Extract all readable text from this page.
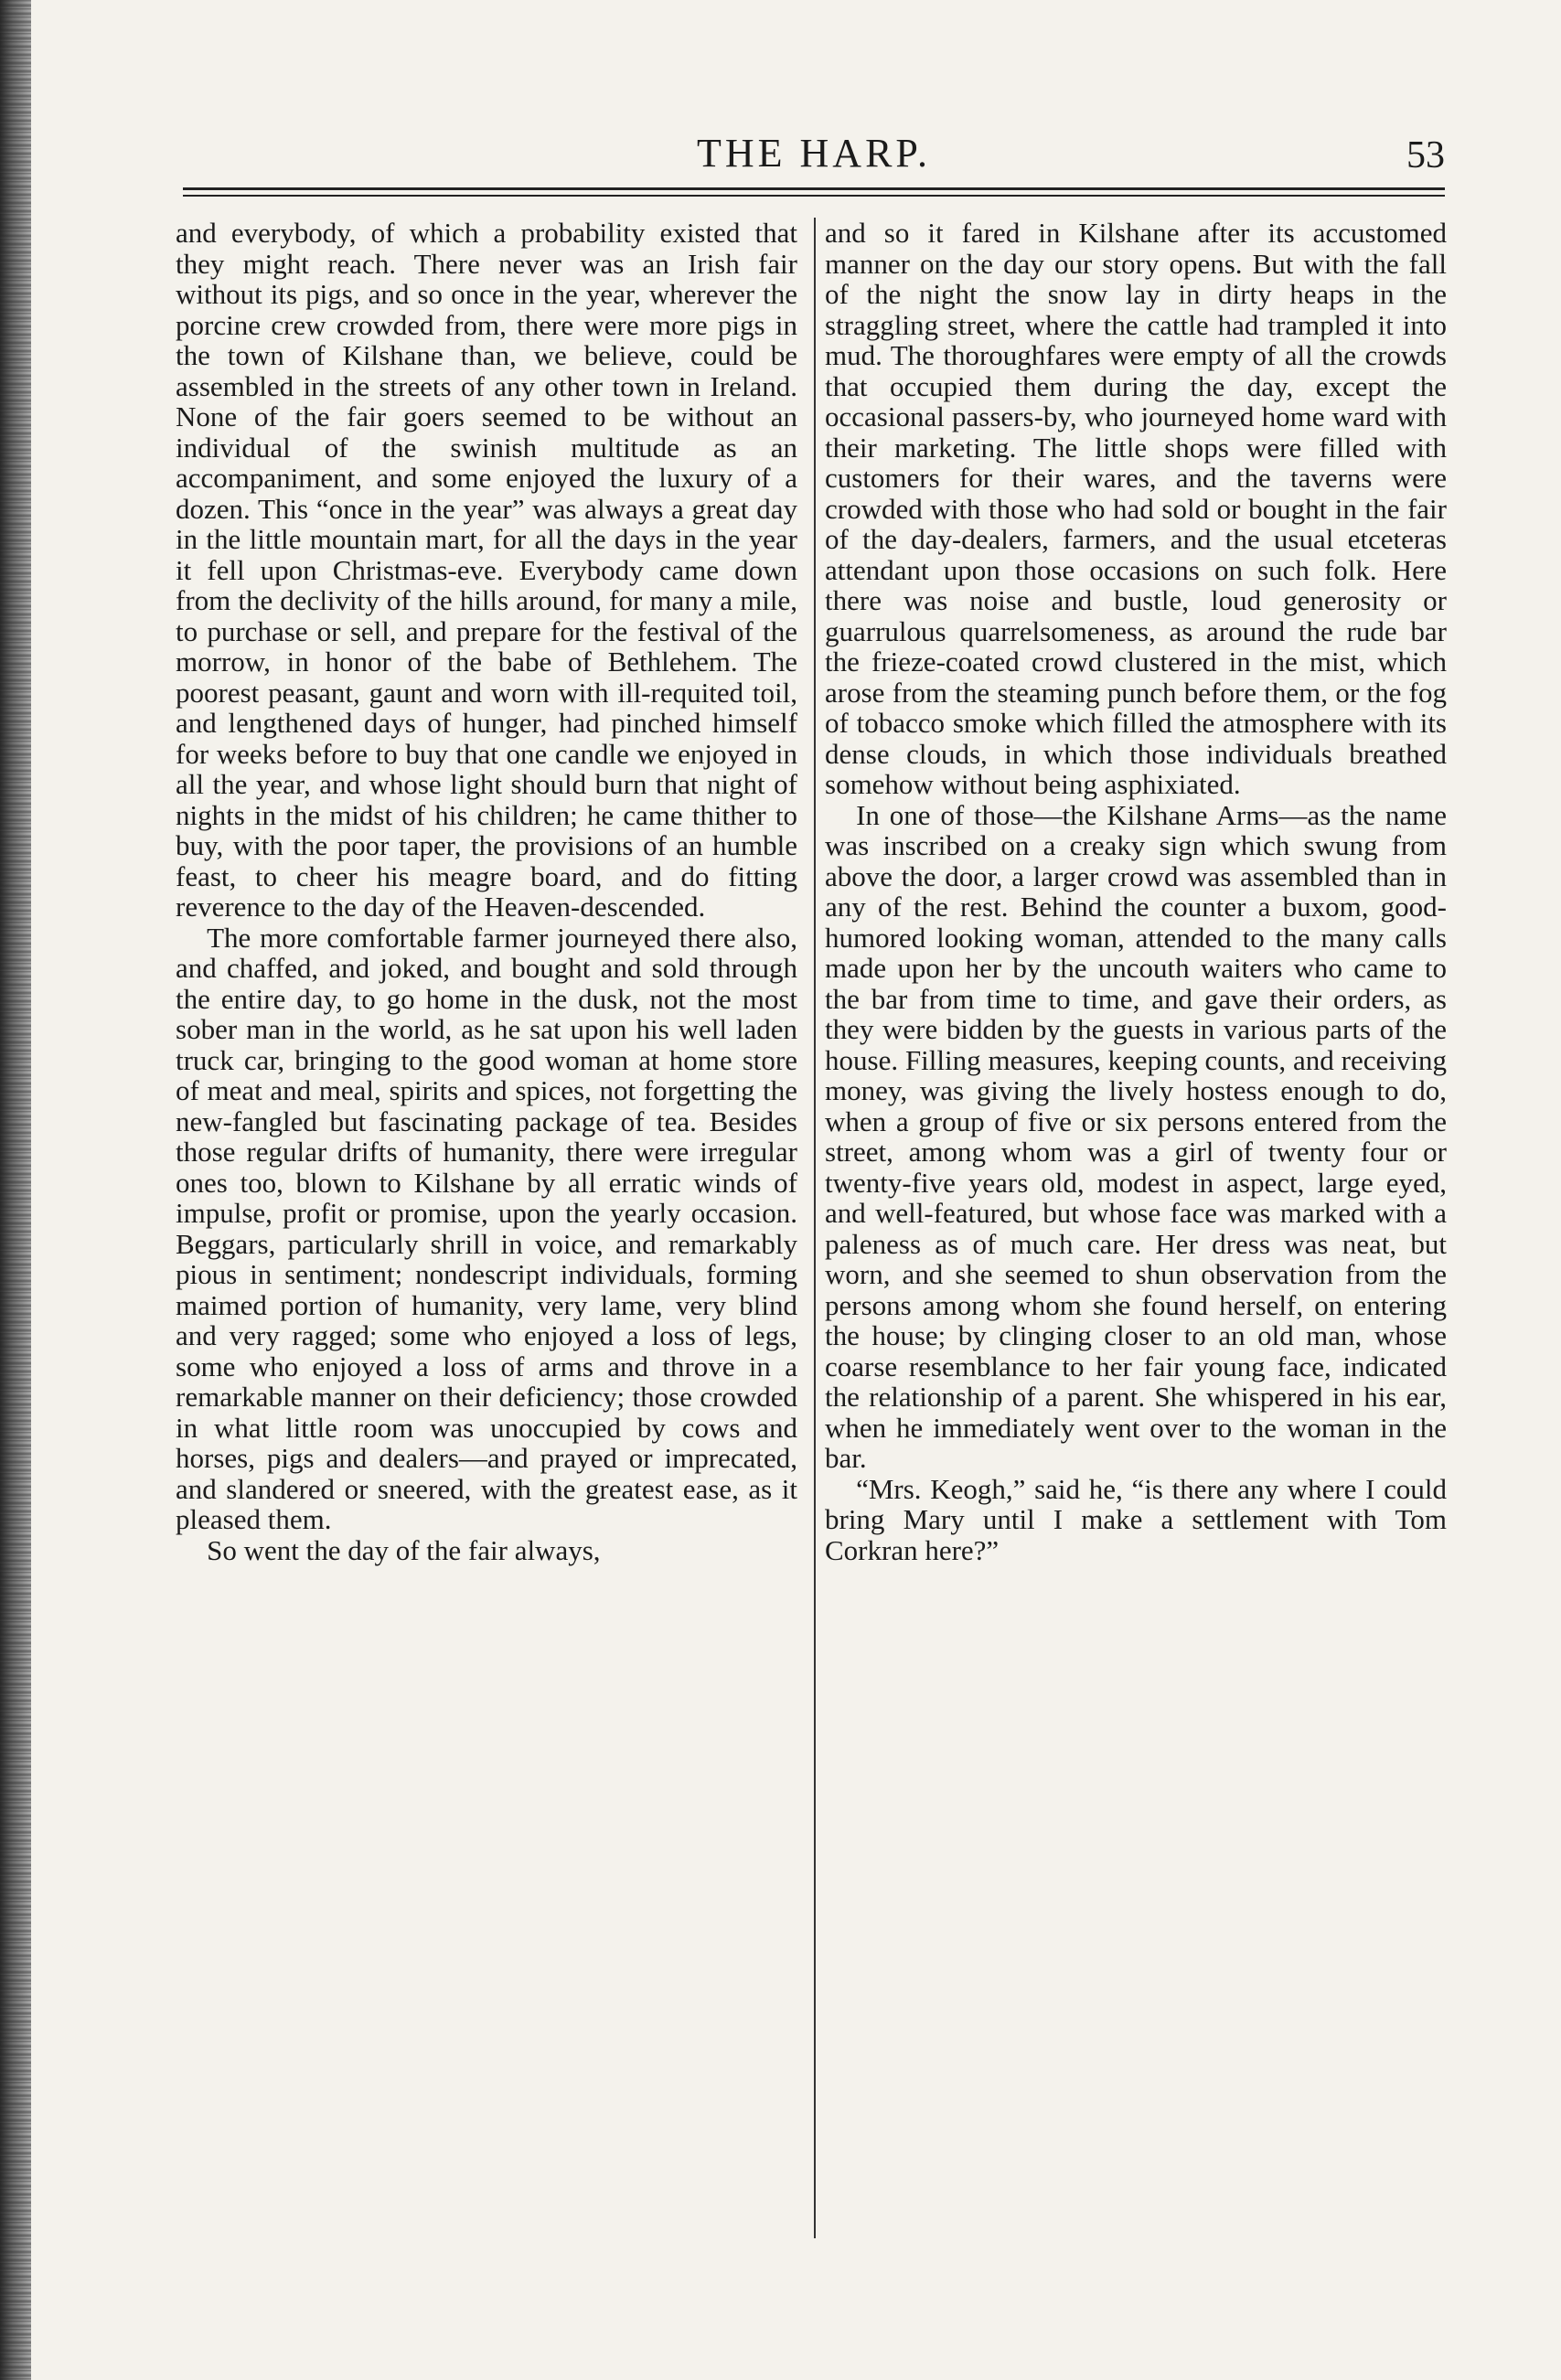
THE HARP.	53

and everybody, of which a probability existed that they might reach. There never was an Irish fair without its pigs, and so once in the year, wherever the porcine crew crowded from, there were more pigs in the town of Kilshane than, we believe, could be assembled in the streets of any other town in Ireland. None of the fair goers seemed to be without an individual of the swinish multitude as an accompaniment, and some enjoyed the luxury of a dozen. This “once in the year” was always a great day in the little mountain mart, for all the days in the year it fell upon Christmas-eve. Everybody came down from the declivity of the hills around, for many a mile, to purchase or sell, and prepare for the festival of the morrow, in honor of the babe of Bethlehem. The poorest peasant, gaunt and worn with ill-requited toil, and lengthened days of hunger, had pinched himself for weeks before to buy that one candle we enjoyed in all the year, and whose light should burn that night of nights in the midst of his children; he came thither to buy, with the poor taper, the provisions of an humble feast, to cheer his meagre board, and do fitting reverence to the day of the Heaven-descended.

The more comfortable farmer journeyed there also, and chaffed, and joked, and bought and sold through the entire day, to go home in the dusk, not the most sober man in the world, as he sat upon his well laden truck car, bringing to the good woman at home store of meat and meal, spirits and spices, not forgetting the new-fangled but fascinating package of tea. Besides those regular drifts of humanity, there were irregular ones too, blown to Kilshane by all erratic winds of impulse, profit or promise, upon the yearly occasion. Beggars, particularly shrill in voice, and remarkably pious in sentiment; nondescript individuals, forming maimed portion of humanity, very lame, very blind and very ragged; some who enjoyed a loss of legs, some who enjoyed a loss of arms and throve in a remarkable manner on their deficiency; those crowded in what little room was unoccupied by cows and horses, pigs and dealers—and prayed or imprecated, and slandered or sneered, with the greatest ease, as it pleased them.

So went the day of the fair always,

and so it fared in Kilshane after its accustomed manner on the day our story opens. But with the fall of the night the snow lay in dirty heaps in the straggling street, where the cattle had trampled it into mud. The thoroughfares were empty of all the crowds that occupied them during the day, except the occasional passers-by, who journeyed home ward with their marketing. The little shops were filled with customers for their wares, and the taverns were crowded with those who had sold or bought in the fair of the day-dealers, farmers, and the usual etceteras attendant upon those occasions on such folk. Here there was noise and bustle, loud generosity or guarrulous quarrelsomeness, as around the rude bar the frieze-coated crowd clustered in the mist, which arose from the steaming punch before them, or the fog of tobacco smoke which filled the atmosphere with its dense clouds, in which those individuals breathed somehow without being asphixiated.

In one of those—the Kilshane Arms—as the name was inscribed on a creaky sign which swung from above the door, a larger crowd was assembled than in any of the rest. Behind the counter a buxom, good-humored looking woman, attended to the many calls made upon her by the uncouth waiters who came to the bar from time to time, and gave their orders, as they were bidden by the guests in various parts of the house. Filling measures, keeping counts, and receiving money, was giving the lively hostess enough to do, when a group of five or six persons entered from the street, among whom was a girl of twenty four or twenty-five years old, modest in aspect, large eyed, and well-featured, but whose face was marked with a paleness as of much care. Her dress was neat, but worn, and she seemed to shun observation from the persons among whom she found herself, on entering the house; by clinging closer to an old man, whose coarse resemblance to her fair young face, indicated the relationship of a parent. She whispered in his ear, when he immediately went over to the woman in the bar.

“Mrs. Keogh,” said he, “is there any where I could bring Mary until I make a settlement with Tom Corkran here?”
